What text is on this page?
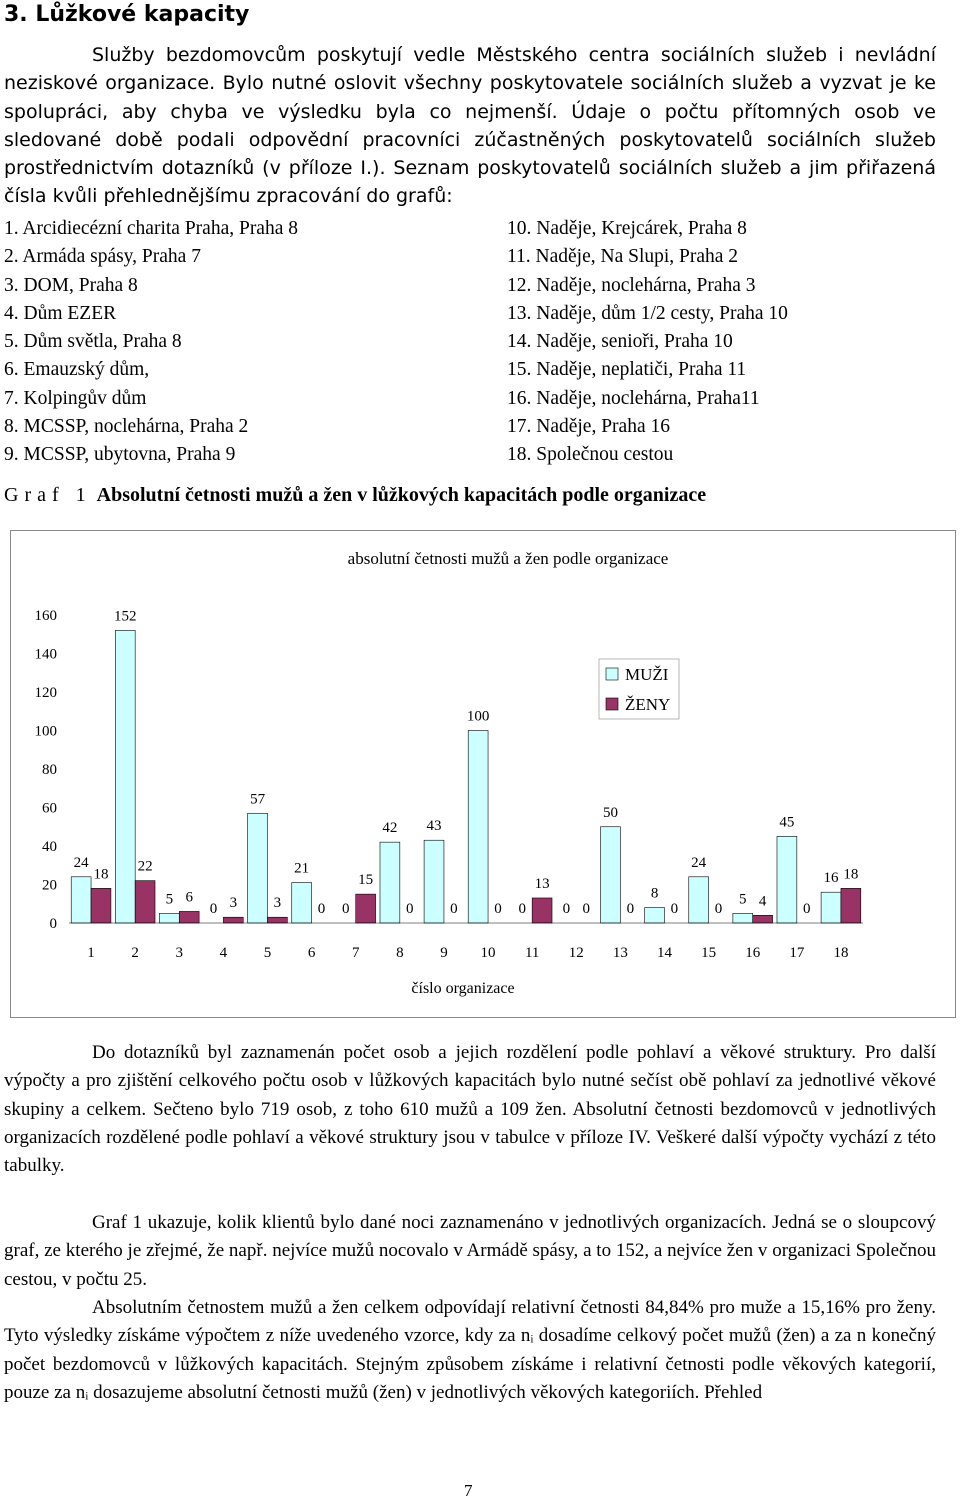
3. Lůžkové kapacity

Služby bezdomovcům poskytují vedle Městského centra sociálních služeb i nevládní neziskové organizace. Bylo nutné oslovit všechny poskytovatele sociálních služeb a vyzvat je ke spolupráci, aby chyba ve výsledku byla co nejmenší. Údaje o počtu přítomných osob ve sledované době podali odpovědní pracovníci zúčastněných poskytovatelů sociálních služeb prostřednictvím dotazníků (v příloze I.). Seznam poskytovatelů sociálních služeb a jim přiřazená čísla kvůli přehlednějšímu zpracování do grafů:

1. Arcidiecézní charita Praha, Praha 8
2. Armáda spásy, Praha 7
3. DOM, Praha 8
4. Dům EZER
5. Dům světla, Praha 8
6. Emauzský dům,
7. Kolpingův dům
8. MCSSP, noclehárna, Praha 2
9. MCSSP, ubytovna, Praha 9
10. Naděje, Krejcárek, Praha 8
11. Naděje, Na Slupi, Praha 2
12. Naděje, noclehárna, Praha 3
13. Naděje, dům 1/2 cesty, Praha 10
14. Naděje, senioři, Praha 10
15. Naděje, neplatiči, Praha 11
16. Naděje, noclehárna, Praha11
17. Naděje, Praha 16
18. Společnou cestou
Graf 1 Absolutní četnosti mužů a žen v lůžkových kapacitách podle organizace
absolutní četnosti mužů a žen podle organizace
0
20
40
60
80
100
120
140
160
1 2 3 4 5 6 7 8 9 10 11 12 13 14 15 16 17 18
24
18
152
22
5 6
0 3
57
3
21
0 0
15
42
0
43
0
100
0 0
13
0 0
50
0
8
0
24
0
5 4
45
0
16 18
MUŽI
ŽENY
číslo organizace

Do dotazníků byl zaznamenán počet osob a jejich rozdělení podle pohlaví a věkové struktury. Pro další výpočty a pro zjištění celkového počtu osob v lůžkových kapacitách bylo nutné sečíst obě pohlaví za jednotlivé věkové skupiny a celkem. Sečteno bylo 719 osob, z toho 610 mužů a 109 žen. Absolutní četnosti bezdomovců v jednotlivých organizacích rozdělené podle pohlaví a věkové struktury jsou v tabulce v příloze IV. Veškeré další výpočty vychází z této tabulky.

Graf 1 ukazuje, kolik klientů bylo dané noci zaznamenáno v jednotlivých organizacích. Jedná se o sloupcový graf, ze kterého je zřejmé, že např. nejvíce mužů nocovalo v Armádě spásy, a to 152, a nejvíce žen v organizaci Společnou cestou, v počtu 25.

Absolutním četnostem mužů a žen celkem odpovídají relativní četnosti 84,84% pro muže a 15,16% pro ženy. Tyto výsledky získáme výpočtem z níže uvedeného vzorce, kdy za nᵢ dosadíme celkový počet mužů (žen) a za n konečný počet bezdomovců v lůžkových kapacitách. Stejným způsobem získáme i relativní četnosti podle věkových kategorií, pouze za nᵢ dosazujeme absolutní četnosti mužů (žen) v jednotlivých věkových kategoriích. Přehled

7
